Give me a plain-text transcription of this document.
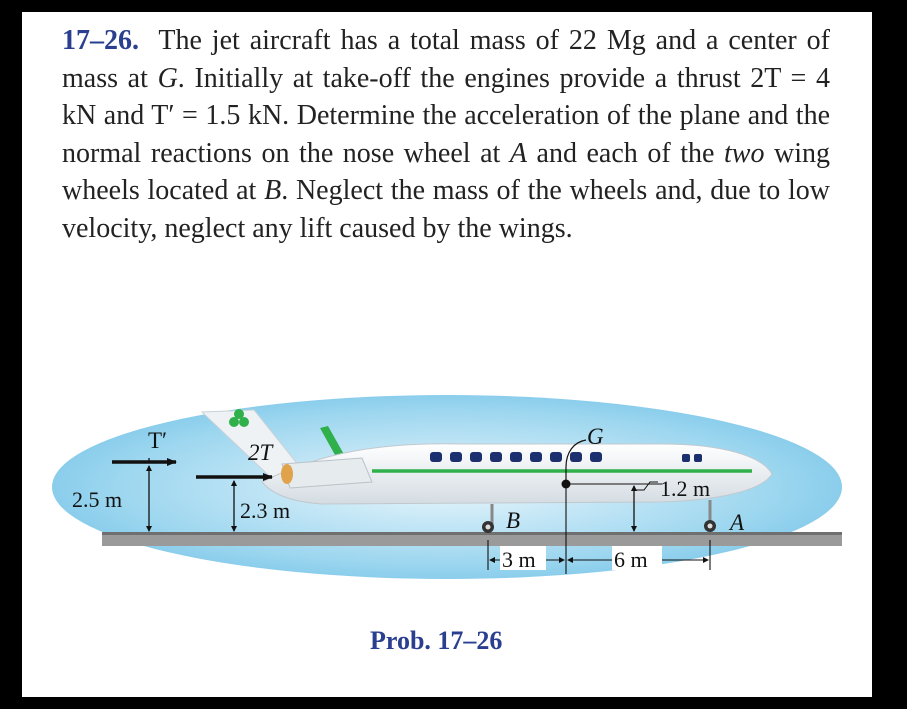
17–26. The jet aircraft has a total mass of 22 Mg and a center of mass at G. Initially at take-off the engines provide a thrust 2T = 4 kN and T′ = 1.5 kN. Determine the acceleration of the plane and the normal reactions on the nose wheel at A and each of the two wing wheels located at B. Neglect the mass of the wheels and, due to low velocity, neglect any lift caused by the wings.

T′	2T
2.5 m	2.3 m
G
1.2 m
B	A
3 m	6 m
Prob. 17–26
